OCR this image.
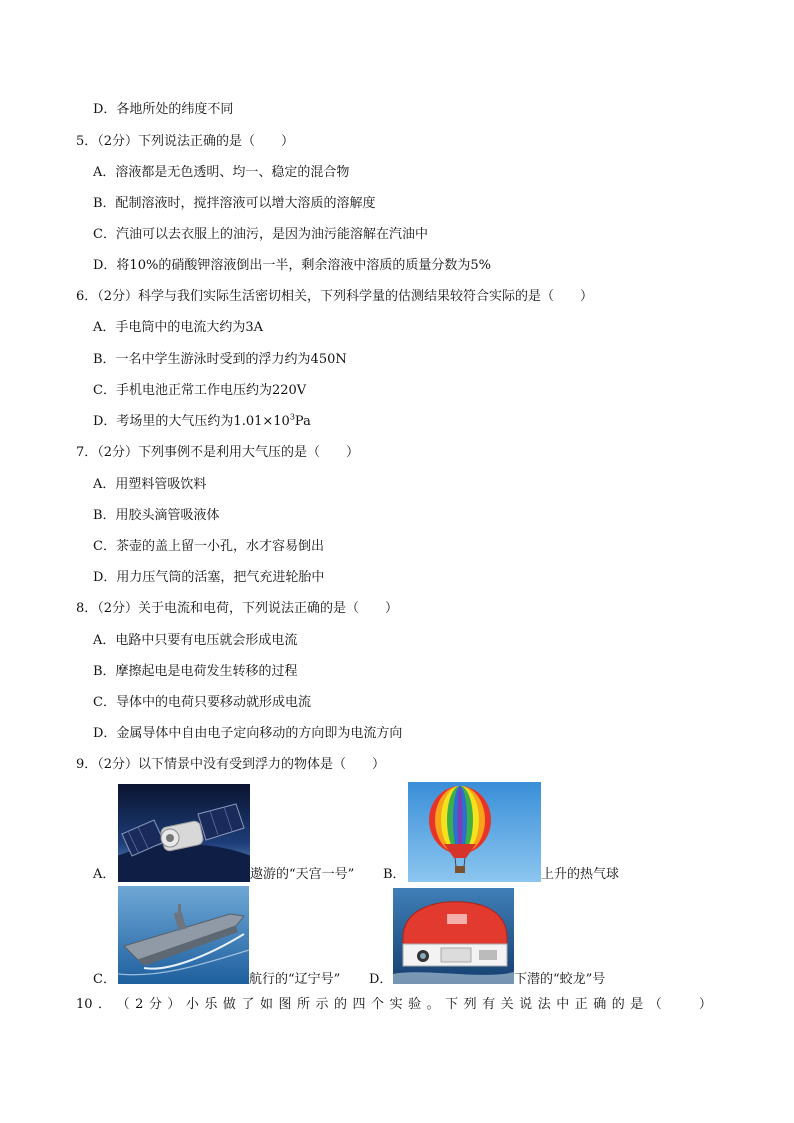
D．各地所处的纬度不同
5．（2分）下列说法正确的是（　　）
A．溶液都是无色透明、均一、稳定的混合物
B．配制溶液时，搅拌溶液可以增大溶质的溶解度
C．汽油可以去衣服上的油污，是因为油污能溶解在汽油中
D．将10%的硝酸钾溶液倒出一半，剩余溶液中溶质的质量分数为5%
6．（2分）科学与我们实际生活密切相关，下列科学量的估测结果较符合实际的是（　　）
A．手电筒中的电流大约为3A
B．一名中学生游泳时受到的浮力约为450N
C．手机电池正常工作电压约为220V
D．考场里的大气压约为$1.01\times 10^3Pa$
7．（2分）下列事例不是利用大气压的是（　　）
A．用塑料管吸饮料
B．用胶头滴管吸液体
C．茶壶的盖上留一小孔，水才容易倒出
D．用力压气筒的活塞，把气充进轮胎中
8．（2分）关于电流和电荷，下列说法正确的是（　　）
A．电路中只要有电压就会形成电流
B．摩擦起电是电荷发生转移的过程
C．导体中的电荷只要移动就形成电流
D．金属导体中自由电子定向移动的方向即为电流方向
9．（2分）以下情景中没有受到浮力的物体是（　　）
A．	遨游的“天宫一号” B．	上升的热气球
C．	航行的“辽宁号” D．	下潜的“蛟龙”号
10 ． （ 2 分 ） 小 乐 做 了 如 图 所 示 的 四 个 实 验 。 下 列 有 关 说 法 中 正 确 的 是 （
　　	）
